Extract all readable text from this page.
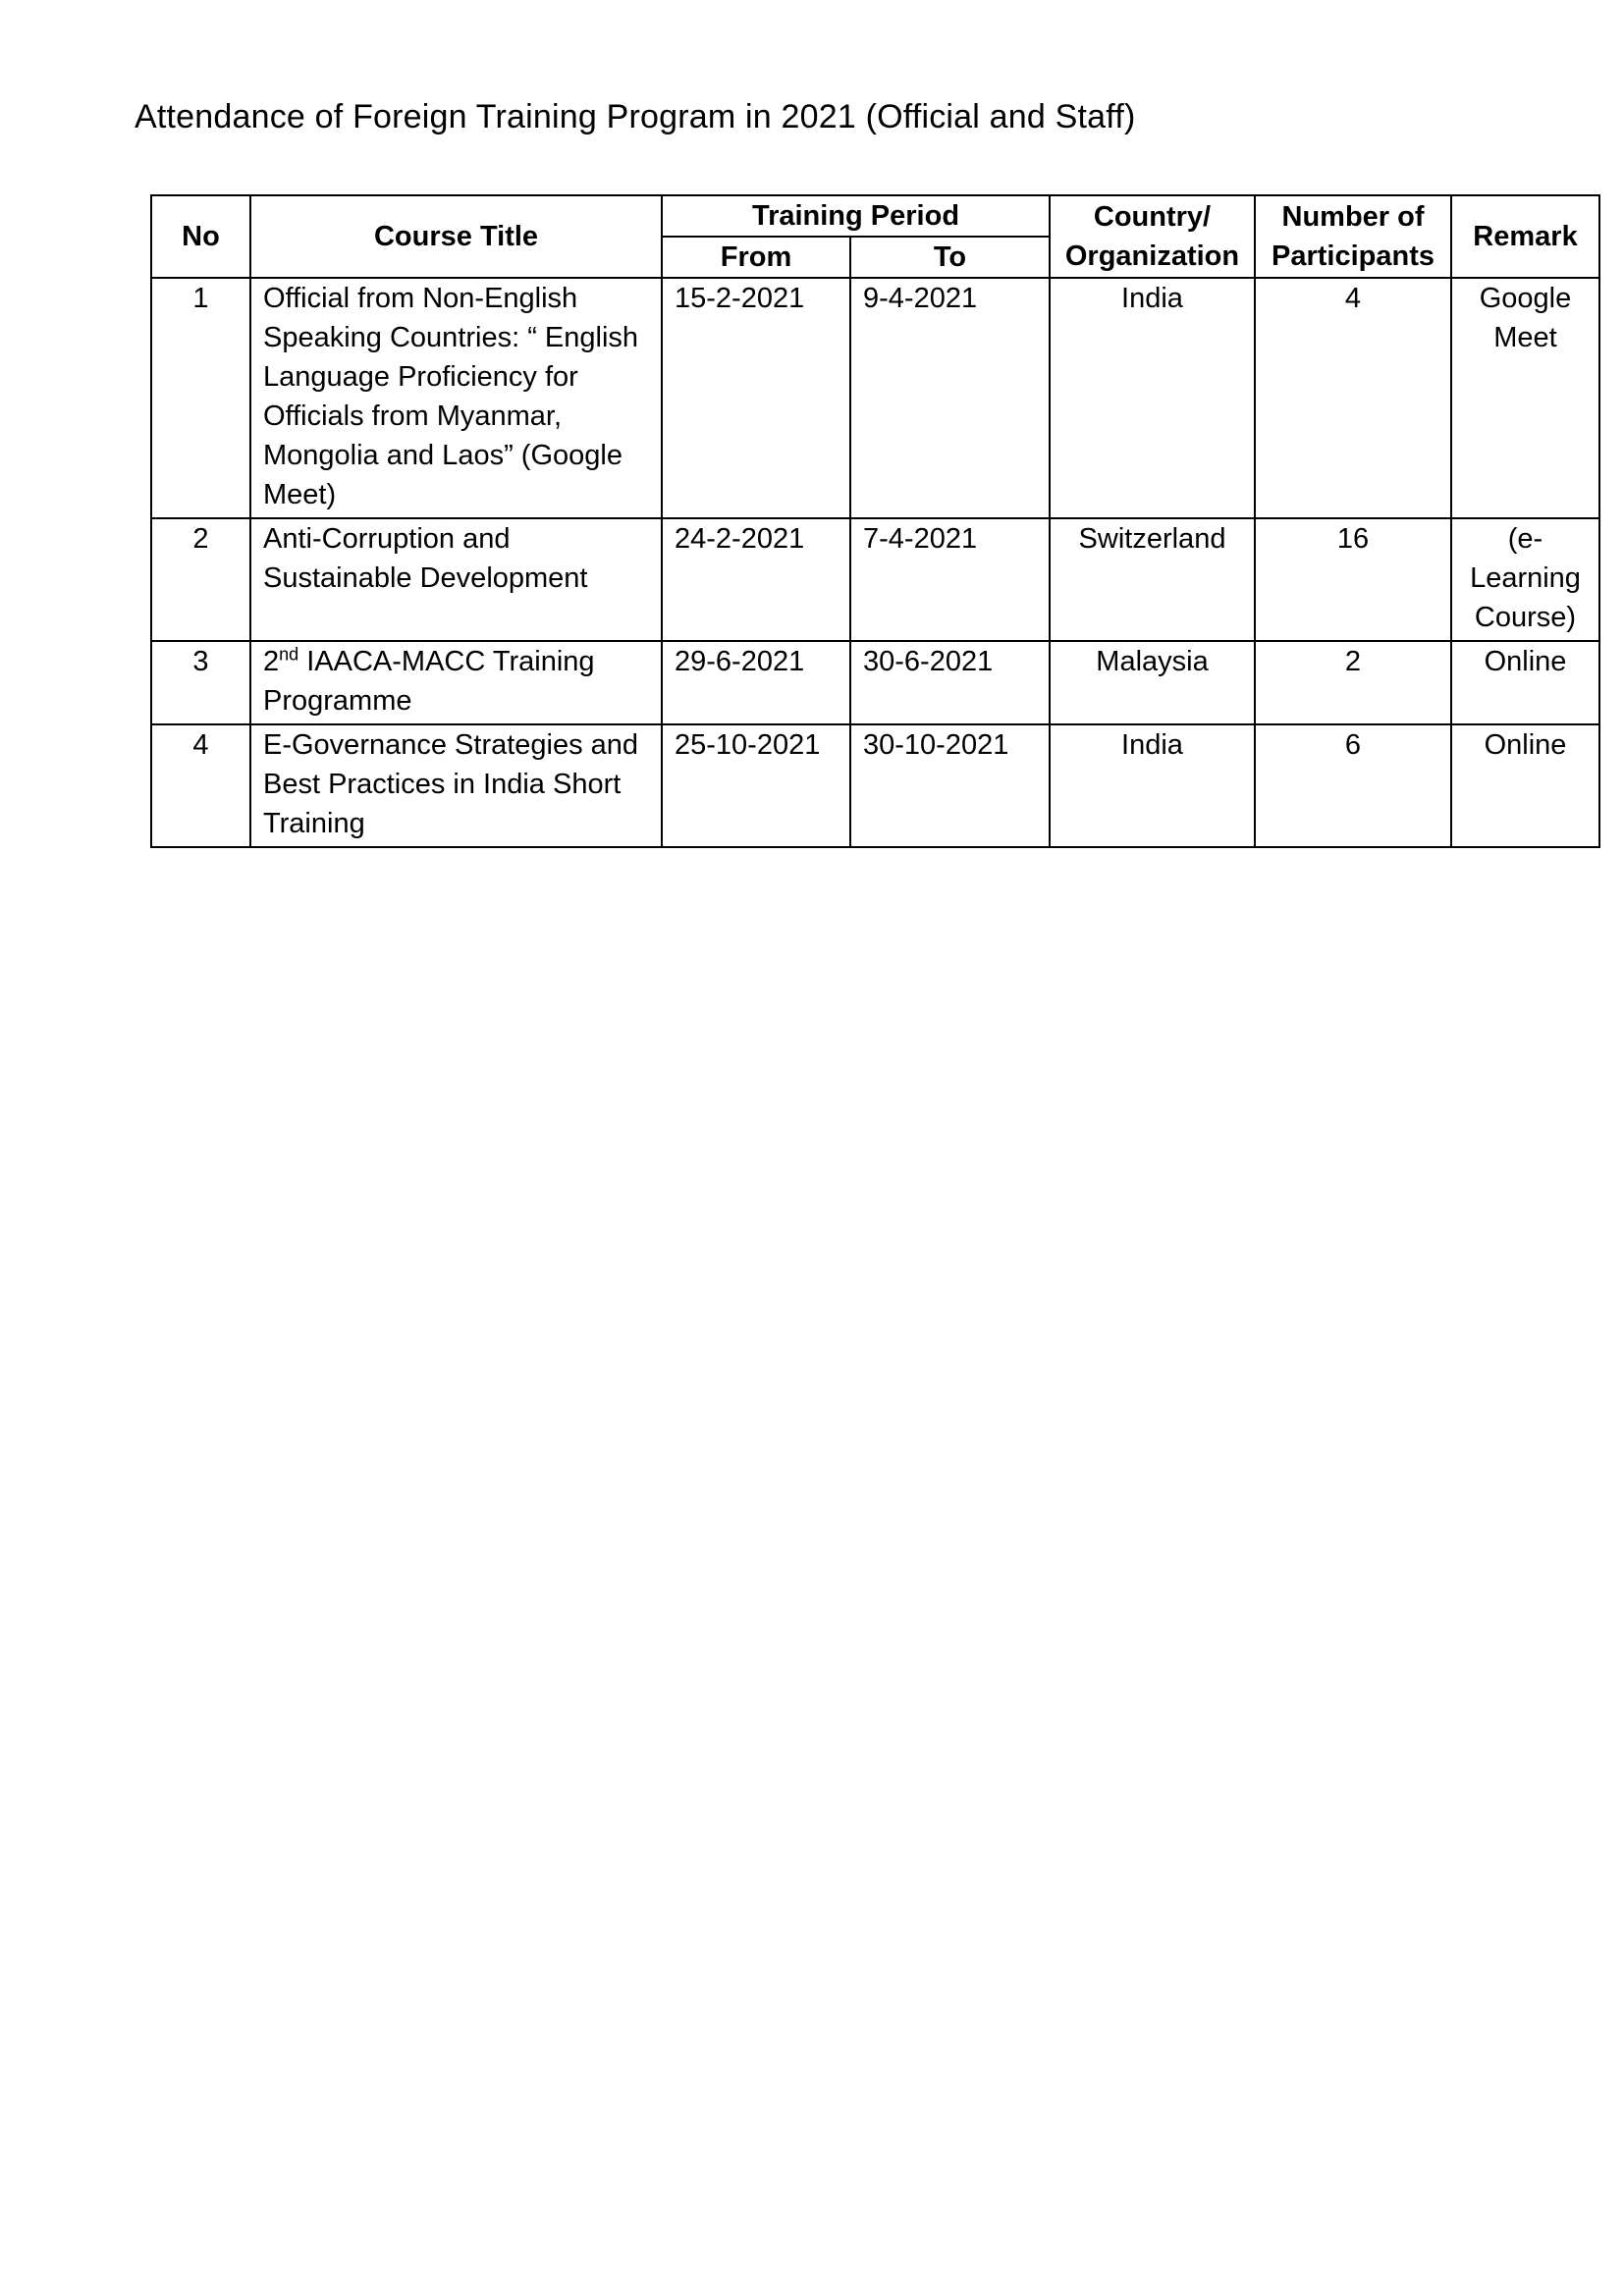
Attendance of Foreign Training Program in 2021 (Official and Staff)
No	Course Title	Training Period		Country/ Organization	Number of Participants	Remark
		From	To			
1	Official from Non-English Speaking Countries: “ English Language Proficiency for Officials from Myanmar, Mongolia and Laos” (Google Meet)	15-2-2021	9-4-2021	India	4	Google Meet
2	Anti-Corruption and Sustainable Development	24-2-2021	7-4-2021	Switzerland	16	(e-Learning Course)
3	2nd IAACA-MACC Training Programme	29-6-2021	30-6-2021	Malaysia	2	Online
4	E-Governance Strategies and Best Practices in India Short Training	25-10-2021	30-10-2021	India	6	Online
